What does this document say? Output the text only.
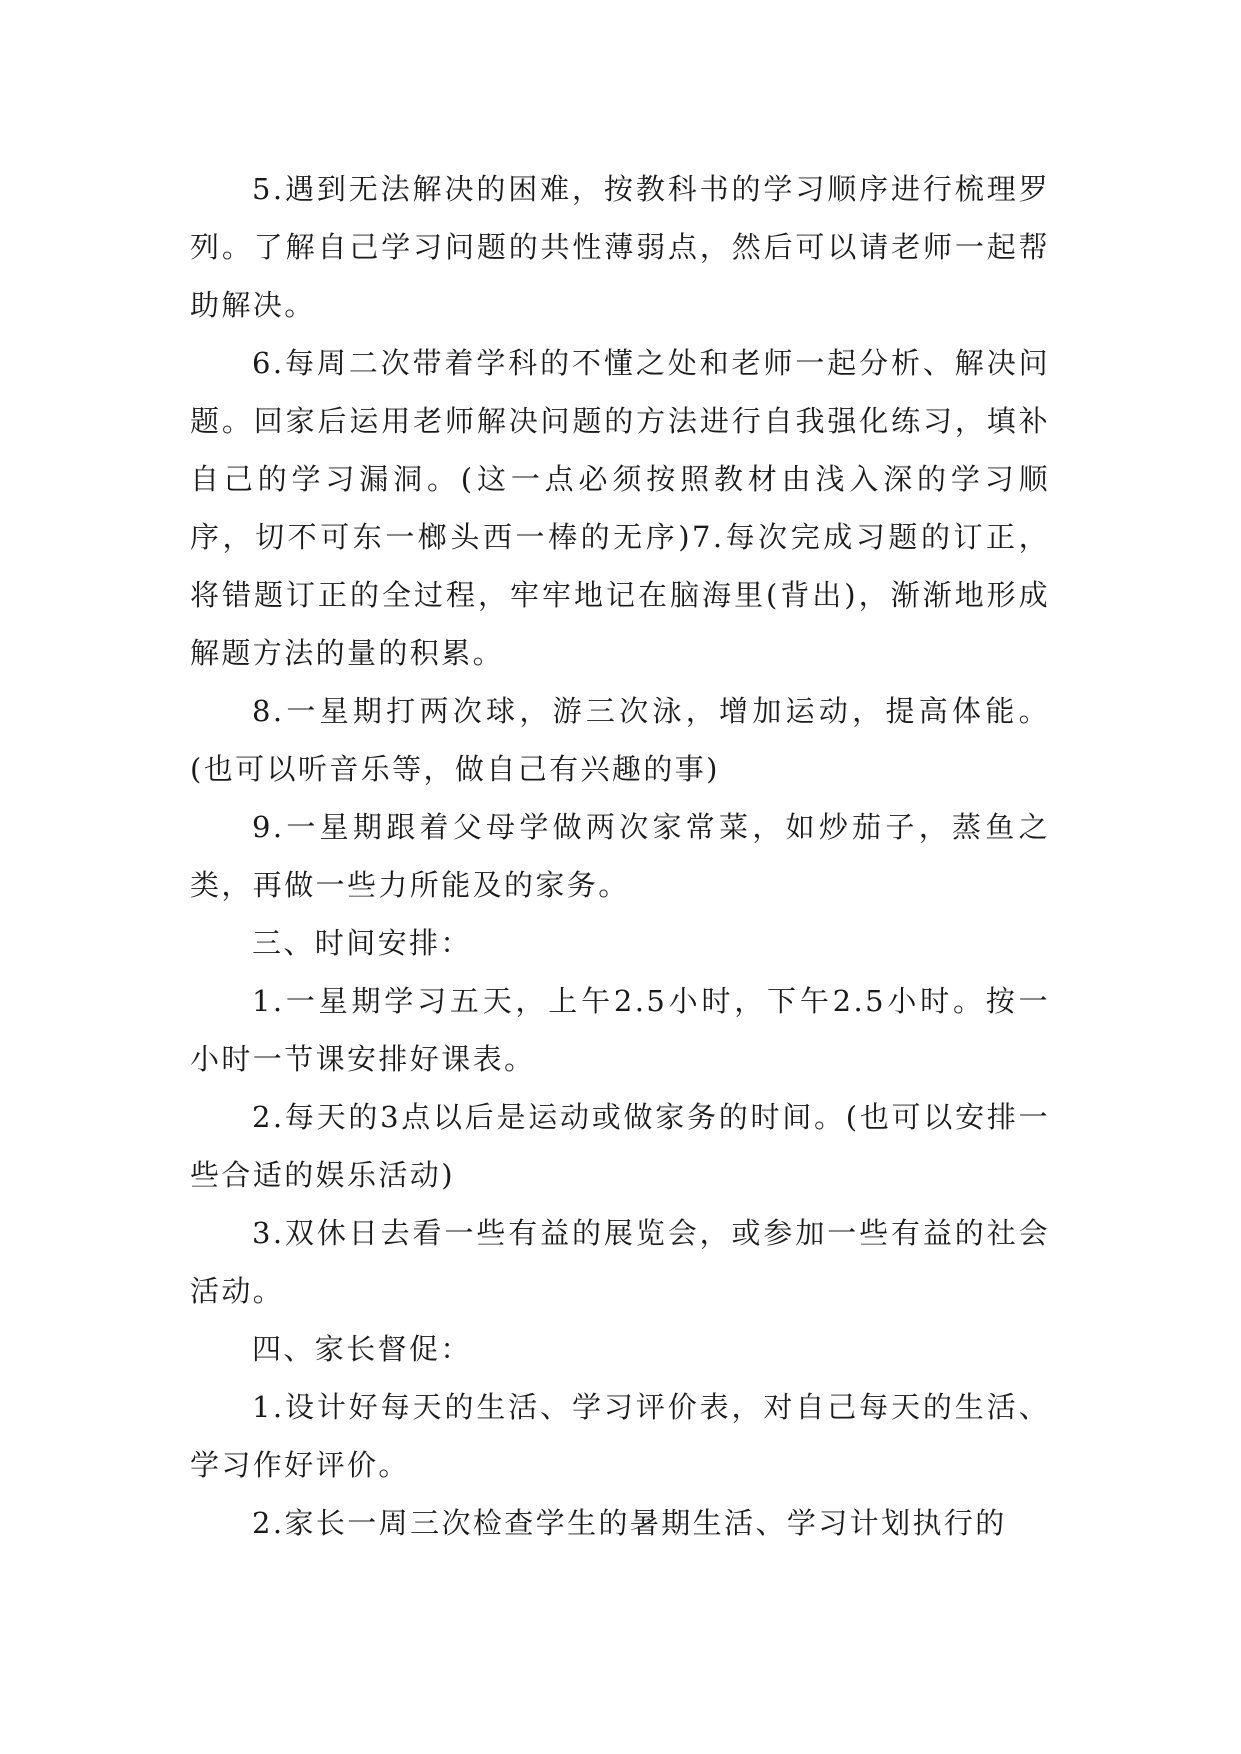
5.遇到无法解决的困难，按教科书的学习顺序进行梳理罗列。了解自己学习问题的共性薄弱点，然后可以请老师一起帮助解决。

6.每周二次带着学科的不懂之处和老师一起分析、解决问题。回家后运用老师解决问题的方法进行自我强化练习，填补自己的学习漏洞。(这一点必须按照教材由浅入深的学习顺序，切不可东一榔头西一棒的无序)7.每次完成习题的订正，将错题订正的全过程，牢牢地记在脑海里(背出)，渐渐地形成解题方法的量的积累。

8.一星期打两次球，游三次泳，增加运动，提高体能。(也可以听音乐等，做自己有兴趣的事)

9.一星期跟着父母学做两次家常菜，如炒茄子，蒸鱼之类，再做一些力所能及的家务。

三、时间安排：

1.一星期学习五天，上午2.5小时，下午2.5小时。按一小时一节课安排好课表。

2.每天的3点以后是运动或做家务的时间。(也可以安排一些合适的娱乐活动)

3.双休日去看一些有益的展览会，或参加一些有益的社会活动。

四、家长督促：

1.设计好每天的生活、学习评价表，对自己每天的生活、学习作好评价。

2.家长一周三次检查学生的暑期生活、学习计划执行的
